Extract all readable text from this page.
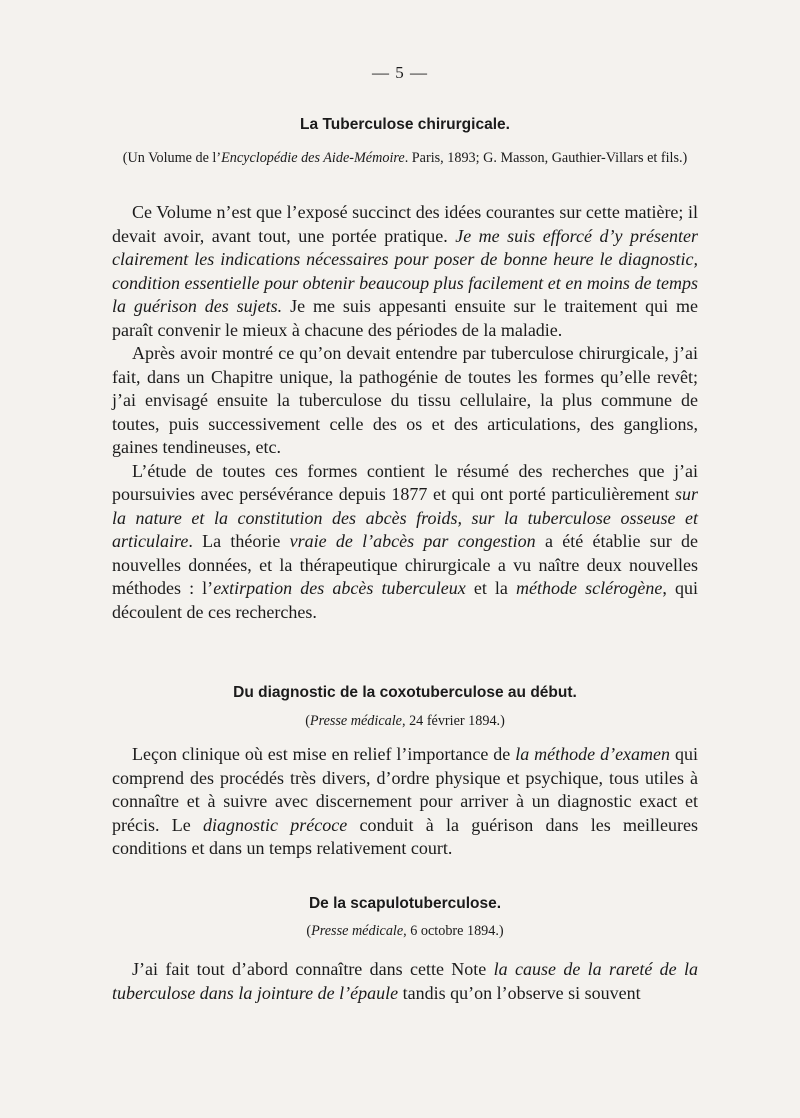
— 5 —
La Tuberculose chirurgicale.

(Un Volume de l’Encyclopédie des Aide-Mémoire. Paris, 1893; G. Masson, Gauthier-Villars et fils.)

Ce Volume n’est que l’exposé succinct des idées courantes sur cette matière; il devait avoir, avant tout, une portée pratique. Je me suis efforcé d’y présenter clairement les indications nécessaires pour poser de bonne heure le diagnostic, condition essentielle pour obtenir beaucoup plus facilement et en moins de temps la guérison des sujets. Je me suis appesanti ensuite sur le traitement qui me paraît convenir le mieux à chacune des périodes de la maladie.

Après avoir montré ce qu’on devait entendre par tuberculose chirurgicale, j’ai fait, dans un Chapitre unique, la pathogénie de toutes les formes qu’elle revêt; j’ai envisagé ensuite la tuberculose du tissu cellulaire, la plus commune de toutes, puis successivement celle des os et des articulations, des ganglions, gaines tendineuses, etc.

L’étude de toutes ces formes contient le résumé des recherches que j’ai poursuivies avec persévérance depuis 1877 et qui ont porté particulièrement sur la nature et la constitution des abcès froids, sur la tuberculose osseuse et articulaire. La théorie vraie de l’abcès par congestion a été établie sur de nouvelles données, et la thérapeutique chirurgicale a vu naître deux nouvelles méthodes : l’extirpation des abcès tuberculeux et la méthode sclérogène, qui découlent de ces recherches.

Du diagnostic de la coxotuberculose au début.

(Presse médicale, 24 février 1894.)

Leçon clinique où est mise en relief l’importance de la méthode d’examen qui comprend des procédés très divers, d’ordre physique et psychique, tous utiles à connaître et à suivre avec discernement pour arriver à un diagnostic exact et précis. Le diagnostic précoce conduit à la guérison dans les meilleures conditions et dans un temps relativement court.

De la scapulotuberculose.

(Presse médicale, 6 octobre 1894.)

J’ai fait tout d’abord connaître dans cette Note la cause de la rareté de la tuberculose dans la jointure de l’épaule tandis qu’on l’observe si souvent
